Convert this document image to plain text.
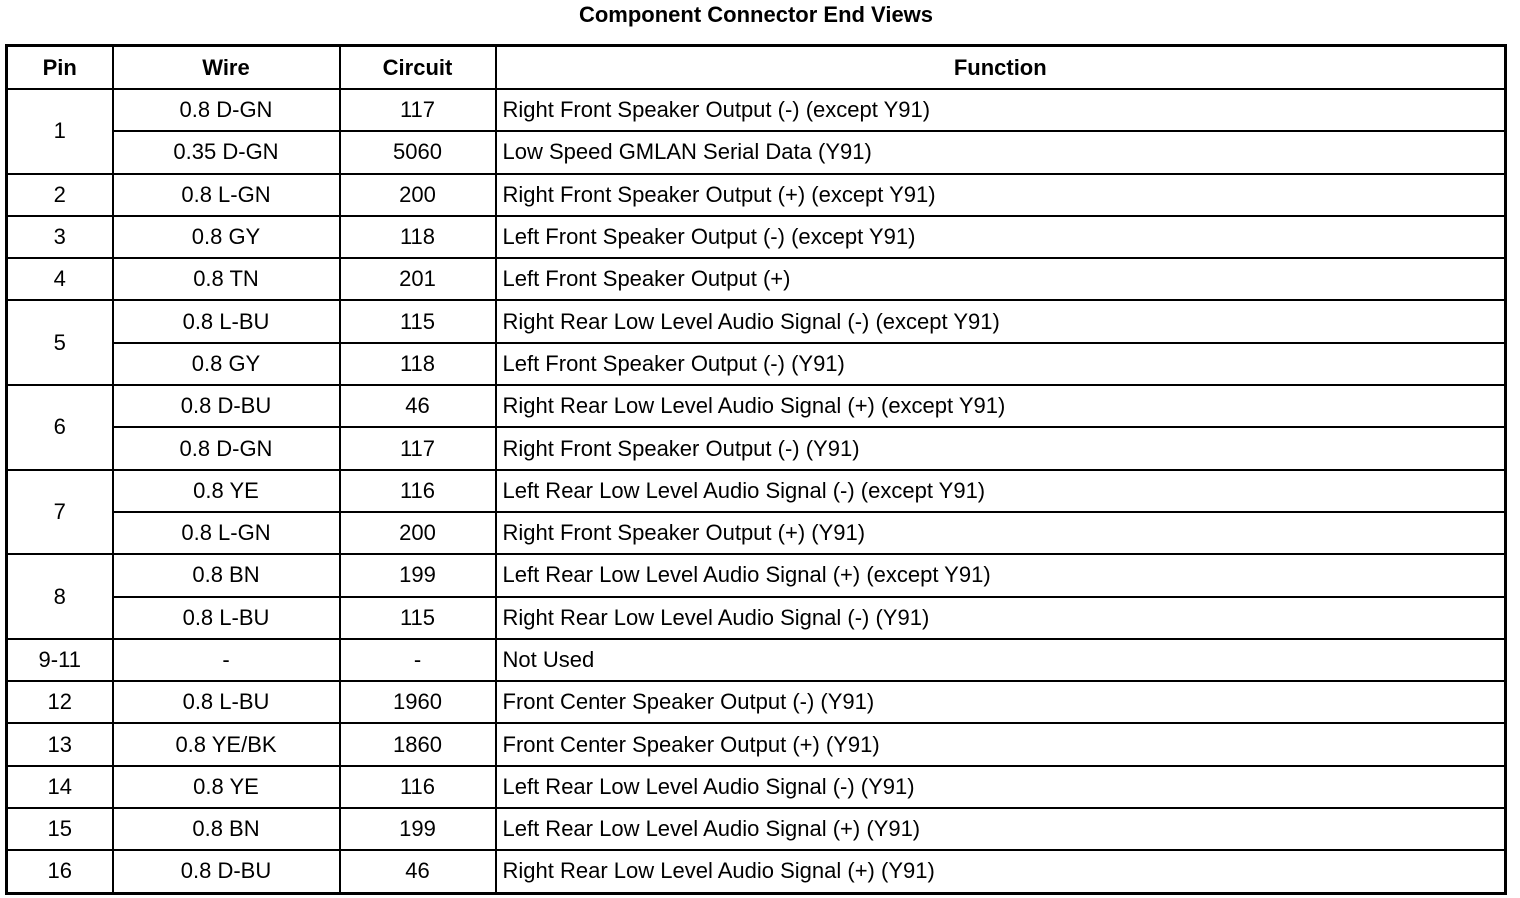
Component Connector End Views
Pin	Wire	Circuit	Function
1	0.8 D-GN	117	Right Front Speaker Output (-) (except Y91)
	0.35 D-GN	5060	Low Speed GMLAN Serial Data (Y91)
2	0.8 L-GN	200	Right Front Speaker Output (+) (except Y91)
3	0.8 GY	118	Left Front Speaker Output (-) (except Y91)
4	0.8 TN	201	Left Front Speaker Output (+)
5	0.8 L-BU	115	Right Rear Low Level Audio Signal (-) (except Y91)
	0.8 GY	118	Left Front Speaker Output (-) (Y91)
6	0.8 D-BU	46	Right Rear Low Level Audio Signal (+) (except Y91)
	0.8 D-GN	117	Right Front Speaker Output (-) (Y91)
7	0.8 YE	116	Left Rear Low Level Audio Signal (-) (except Y91)
	0.8 L-GN	200	Right Front Speaker Output (+) (Y91)
8	0.8 BN	199	Left Rear Low Level Audio Signal (+) (except Y91)
	0.8 L-BU	115	Right Rear Low Level Audio Signal (-) (Y91)
9-11	-	-	Not Used
12	0.8 L-BU	1960	Front Center Speaker Output (-) (Y91)
13	0.8 YE/BK	1860	Front Center Speaker Output (+) (Y91)
14	0.8 YE	116	Left Rear Low Level Audio Signal (-) (Y91)
15	0.8 BN	199	Left Rear Low Level Audio Signal (+) (Y91)
16	0.8 D-BU	46	Right Rear Low Level Audio Signal (+) (Y91)
